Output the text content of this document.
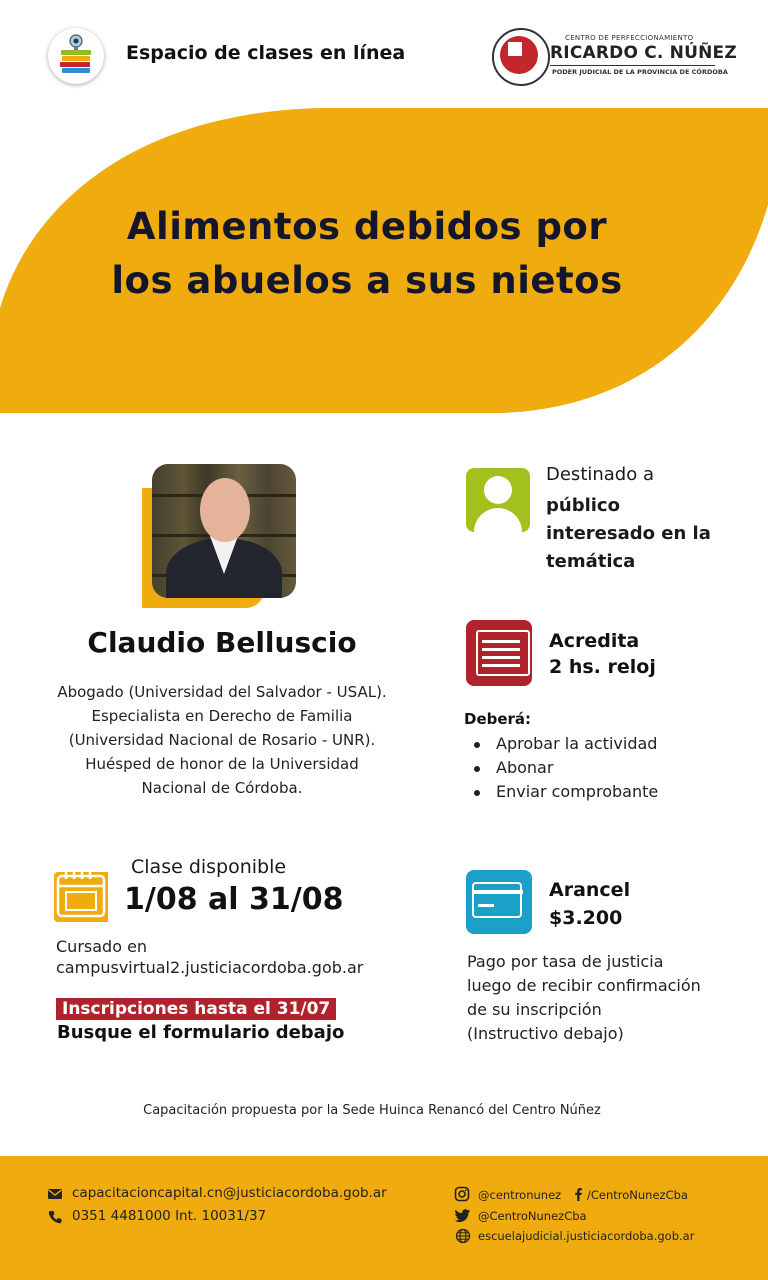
Espacio de clases en línea
CENTRO DE PERFECCIONAMIENTO
RICARDO C. NÚÑEZ
PODER JUDICIAL DE LA PROVINCIA DE CÓRDOBA
Alimentos debidos por
los abuelos a sus nietos
Claudio Belluscio
Abogado (Universidad del Salvador - USAL).
Especialista en Derecho de Familia
(Universidad Nacional de Rosario - UNR).
Huésped de honor de la Universidad
Nacional de Córdoba.
Destinado a
público
interesado en la
temática
Acredita
2 hs. reloj
Deberá:
Aprobar la actividad
Abonar
Enviar comprobante
Clase disponible
1/08 al 31/08
Cursado en
campusvirtual2.justiciacordoba.gob.ar
Inscripciones hasta el 31/07
Busque el formulario debajo
Arancel
$3.200
Pago por tasa de justicia
luego de recibir confirmación
de su inscripción
(Instructivo debajo)
Capacitación propuesta por la Sede Huinca Renancó del Centro Núñez
capacitacioncapital.cn@justiciacordoba.gob.ar
0351 4481000 Int. 10031/37
@centronunez /CentroNunezCba
@CentroNunezCba
escuelajudicial.justiciacordoba.gob.ar
